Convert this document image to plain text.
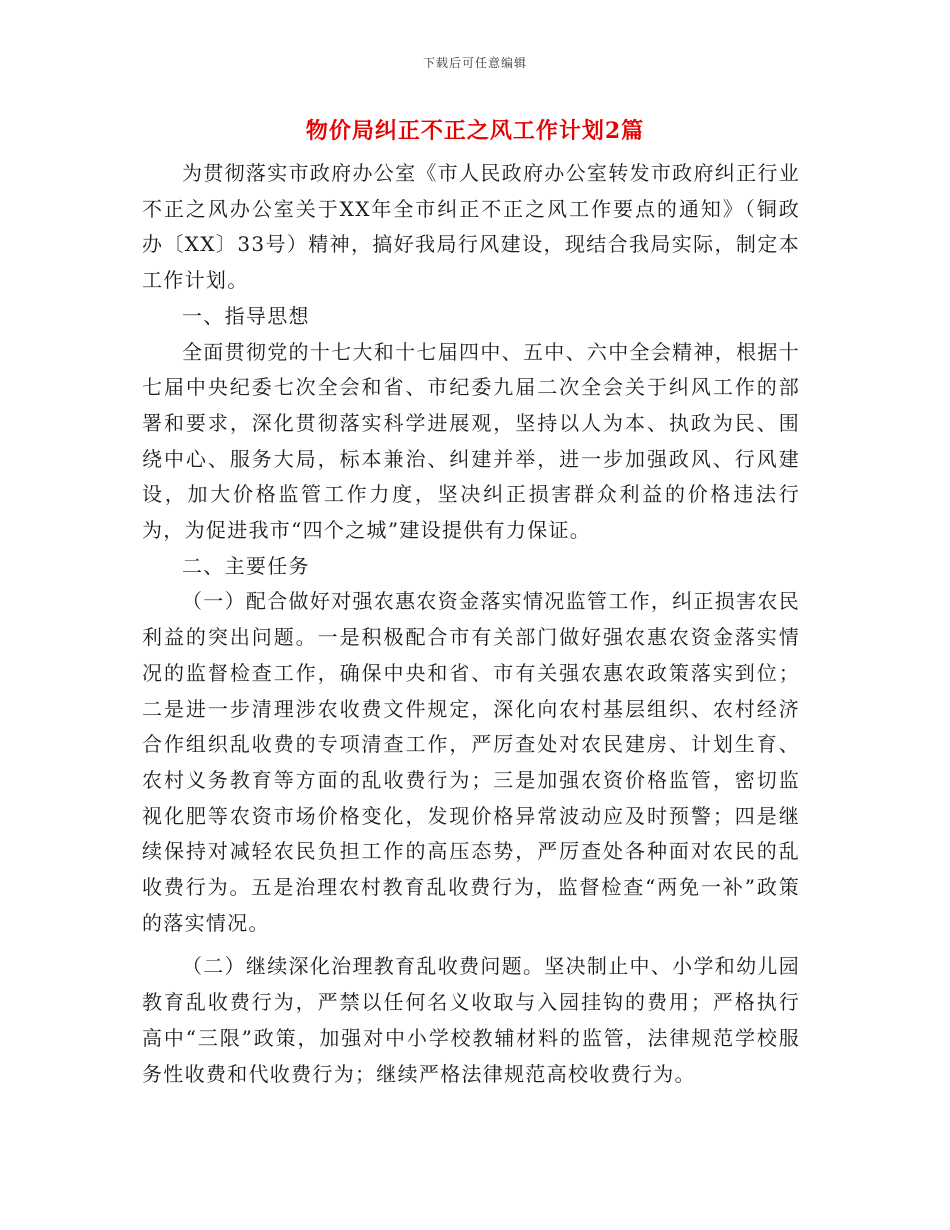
下载后可任意编辑
物价局纠正不正之风工作计划2篇

为贯彻落实市政府办公室《市人民政府办公室转发市政府纠正行业不正之风办公室关于XX年全市纠正不正之风工作要点的通知》（铜政办〔XX〕33号）精神，搞好我局行风建设，现结合我局实际，制定本工作计划。

一、指导思想

全面贯彻党的十七大和十七届四中、五中、六中全会精神，根据十七届中央纪委七次全会和省、市纪委九届二次全会关于纠风工作的部署和要求，深化贯彻落实科学进展观，坚持以人为本、执政为民、围绕中心、服务大局，标本兼治、纠建并举，进一步加强政风、行风建设，加大价格监管工作力度，坚决纠正损害群众利益的价格违法行为，为促进我市“四个之城”建设提供有力保证。

二、主要任务

（一）配合做好对强农惠农资金落实情况监管工作，纠正损害农民利益的突出问题。一是积极配合市有关部门做好强农惠农资金落实情况的监督检查工作，确保中央和省、市有关强农惠农政策落实到位；二是进一步清理涉农收费文件规定，深化向农村基层组织、农村经济合作组织乱收费的专项清查工作，严厉查处对农民建房、计划生育、农村义务教育等方面的乱收费行为；三是加强农资价格监管，密切监视化肥等农资市场价格变化，发现价格异常波动应及时预警；四是继续保持对减轻农民负担工作的高压态势，严厉查处各种面对农民的乱收费行为。五是治理农村教育乱收费行为，监督检查“两免一补”政策的落实情况。

（二）继续深化治理教育乱收费问题。坚决制止中、小学和幼儿园教育乱收费行为，严禁以任何名义收取与入园挂钩的费用；严格执行高中“三限”政策，加强对中小学校教辅材料的监管，法律规范学校服务性收费和代收费行为；继续严格法律规范高校收费行为。
